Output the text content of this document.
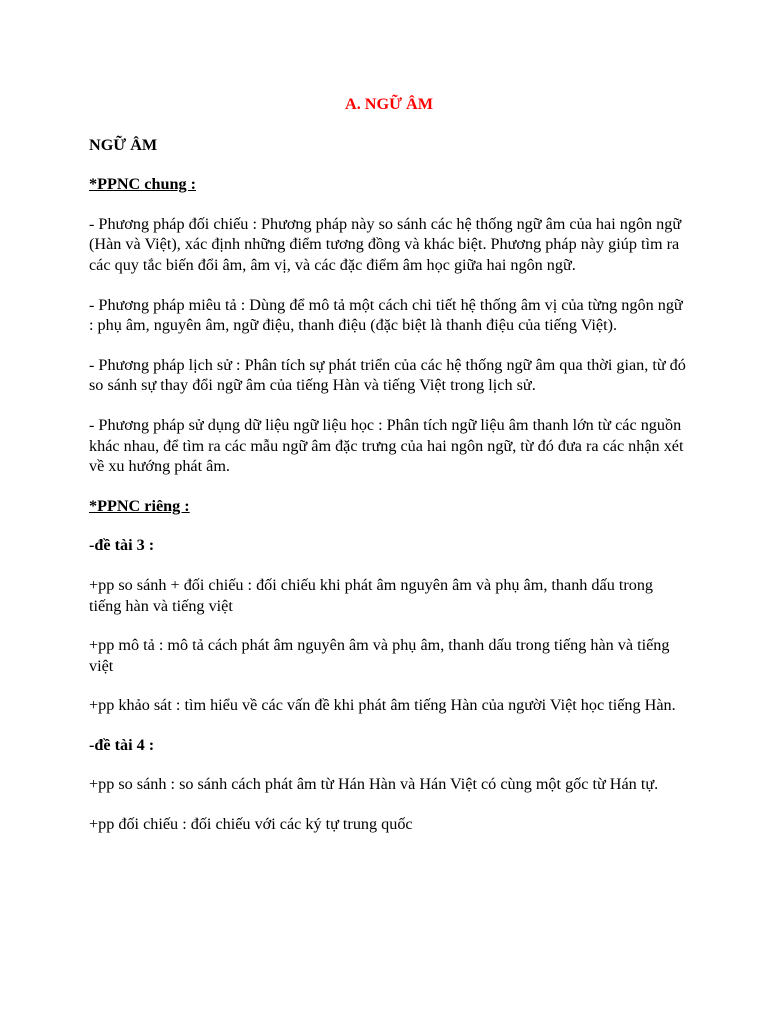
A. NGỮ ÂM
NGỮ ÂM
*PPNC chung :
- Phương pháp đối chiếu : Phương pháp này so sánh các hệ thống ngữ âm của hai ngôn ngữ (Hàn và Việt), xác định những điểm tương đồng và khác biệt. Phương pháp này giúp tìm ra các quy tắc biến đổi âm, âm vị, và các đặc điểm âm học giữa hai ngôn ngữ.
- Phương pháp miêu tả : Dùng để mô tả một cách chi tiết hệ thống âm vị của từng ngôn ngữ : phụ âm, nguyên âm, ngữ điệu, thanh điệu (đặc biệt là thanh điệu của tiếng Việt).
- Phương pháp lịch sử : Phân tích sự phát triển của các hệ thống ngữ âm qua thời gian, từ đó so sánh sự thay đổi ngữ âm của tiếng Hàn và tiếng Việt trong lịch sử.
- Phương pháp sử dụng dữ liệu ngữ liệu học : Phân tích ngữ liệu âm thanh lớn từ các nguồn khác nhau, để tìm ra các mẫu ngữ âm đặc trưng của hai ngôn ngữ, từ đó đưa ra các nhận xét về xu hướng phát âm.
*PPNC riêng :
-đề tài 3 :
+pp so sánh + đối chiếu : đối chiếu khi phát âm nguyên âm và phụ âm, thanh dấu trong tiếng hàn và tiếng việt
+pp mô tả : mô tả cách phát âm nguyên âm và phụ âm, thanh dấu trong tiếng hàn và tiếng việt
+pp khảo sát : tìm hiểu về các vấn đề khi phát âm tiếng Hàn của người Việt học tiếng Hàn.
-đề tài 4 :
+pp so sánh : so sánh cách phát âm từ Hán Hàn và Hán Việt có cùng một gốc từ Hán tự.
+pp đối chiếu : đối chiếu với các ký tự trung quốc
